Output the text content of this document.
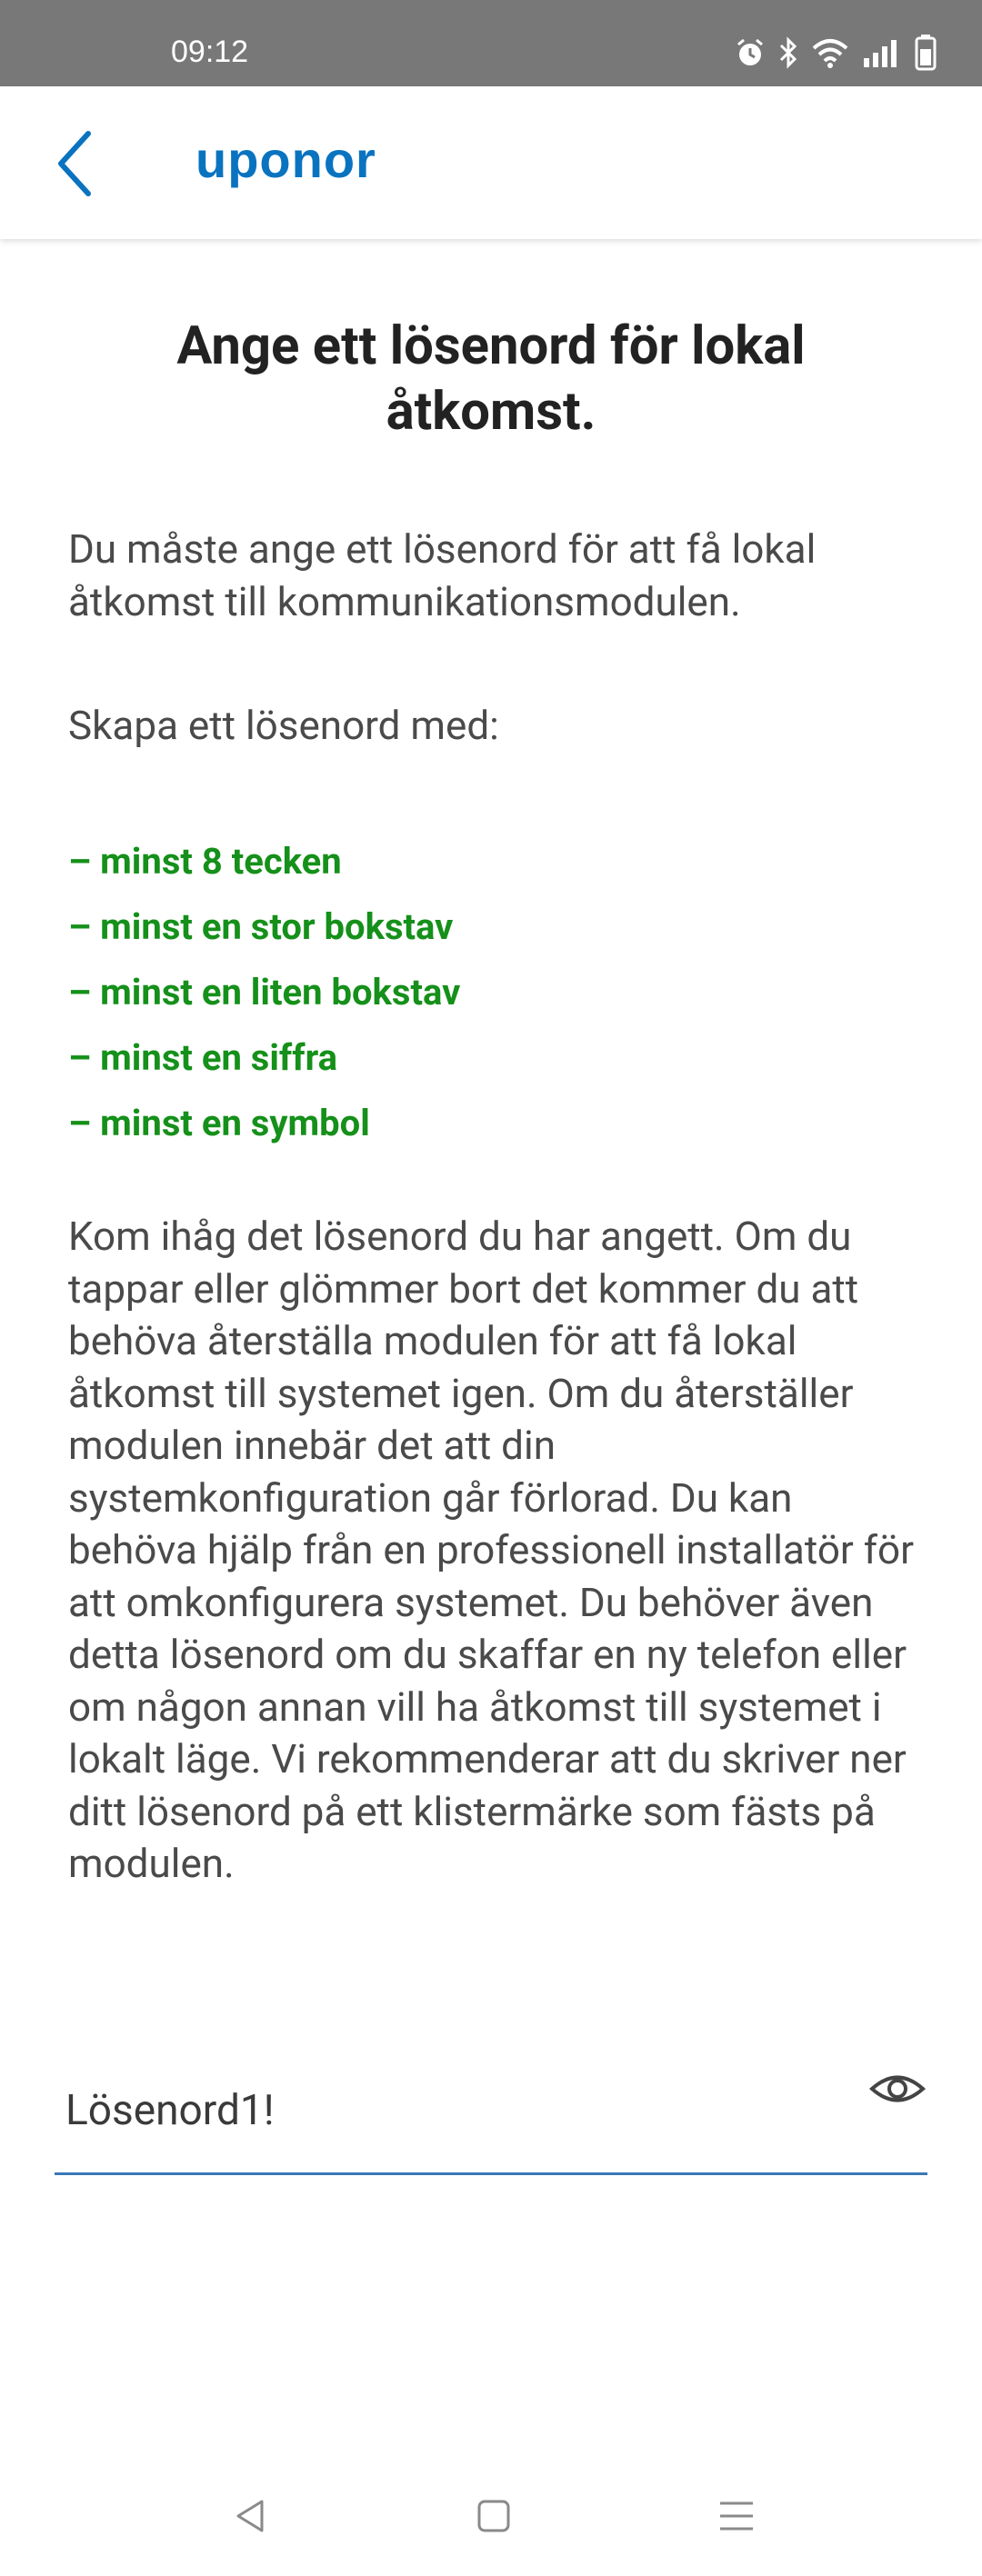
09:12
uponor
Ange ett lösenord för lokal åtkomst.
Du måste ange ett lösenord för att få lokal åtkomst till kommunikationsmodulen.
Skapa ett lösenord med:
– minst 8 tecken
– minst en stor bokstav
– minst en liten bokstav
– minst en siffra
– minst en symbol
Kom ihåg det lösenord du har angett. Om du tappar eller glömmer bort det kommer du att behöva återställa modulen för att få lokal åtkomst till systemet igen. Om du återställer modulen innebär det att din systemkonfiguration går förlorad. Du kan behöva hjälp från en professionell installatör för att omkonfigurera systemet. Du behöver även detta lösenord om du skaffar en ny telefon eller om någon annan vill ha åtkomst till systemet i lokalt läge. Vi rekommenderar att du skriver ner ditt lösenord på ett klistermärke som fästs på modulen.
Lösenord1!
